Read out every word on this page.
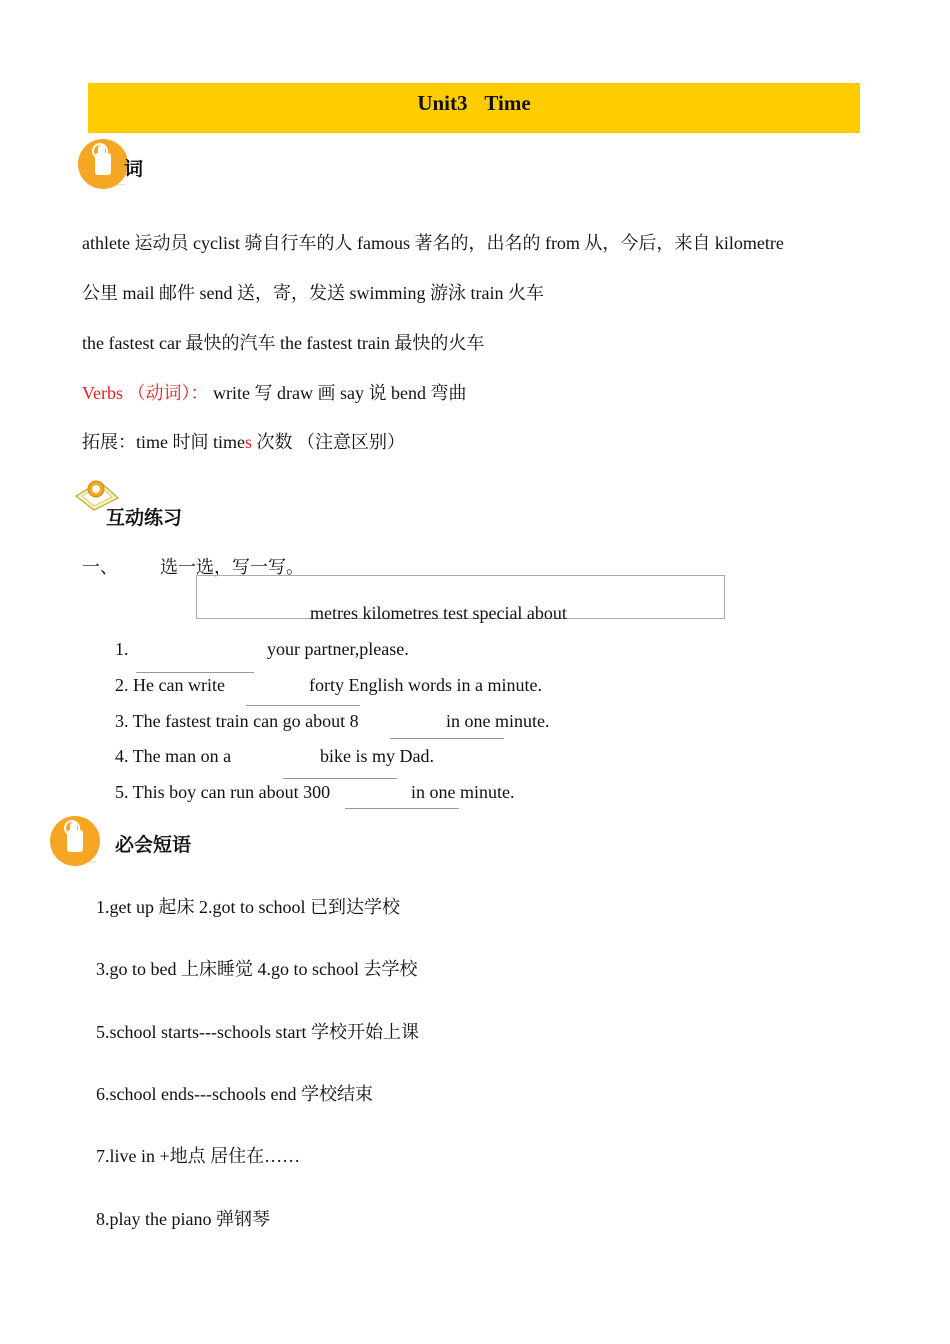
Unit3 Time
…
词
athlete 运动员 cyclist 骑自行车的人 famous 著名的，出名的 from 从，今后，来自 kilometre
公里 mail 邮件 send 送，寄，发送 swimming 游泳 train 火车
the fastest car 最快的汽车 the fastest train 最快的火车
Verbs （动词）： write 写 draw 画 say 说 bend 弯曲
拓展：time 时间 times 次数 （注意区别）
互动练习
一、 选一选，写一写。
metres kilometres test special about
1.	your partner,please.
2. He can write	forty English words in a minute.
3. The fastest train can go about 8	in one minute.
4. The man on a	bike is my Dad.
5. This boy can run about 300	in one minute.
…
必会短语
1.get up 起床 2.got to school 已到达学校
3.go to bed 上床睡觉 4.go to school 去学校
5.school starts---schools start 学校开始上课
6.school ends---schools end 学校结束
7.live in +地点 居住在……
8.play the piano 弹钢琴
